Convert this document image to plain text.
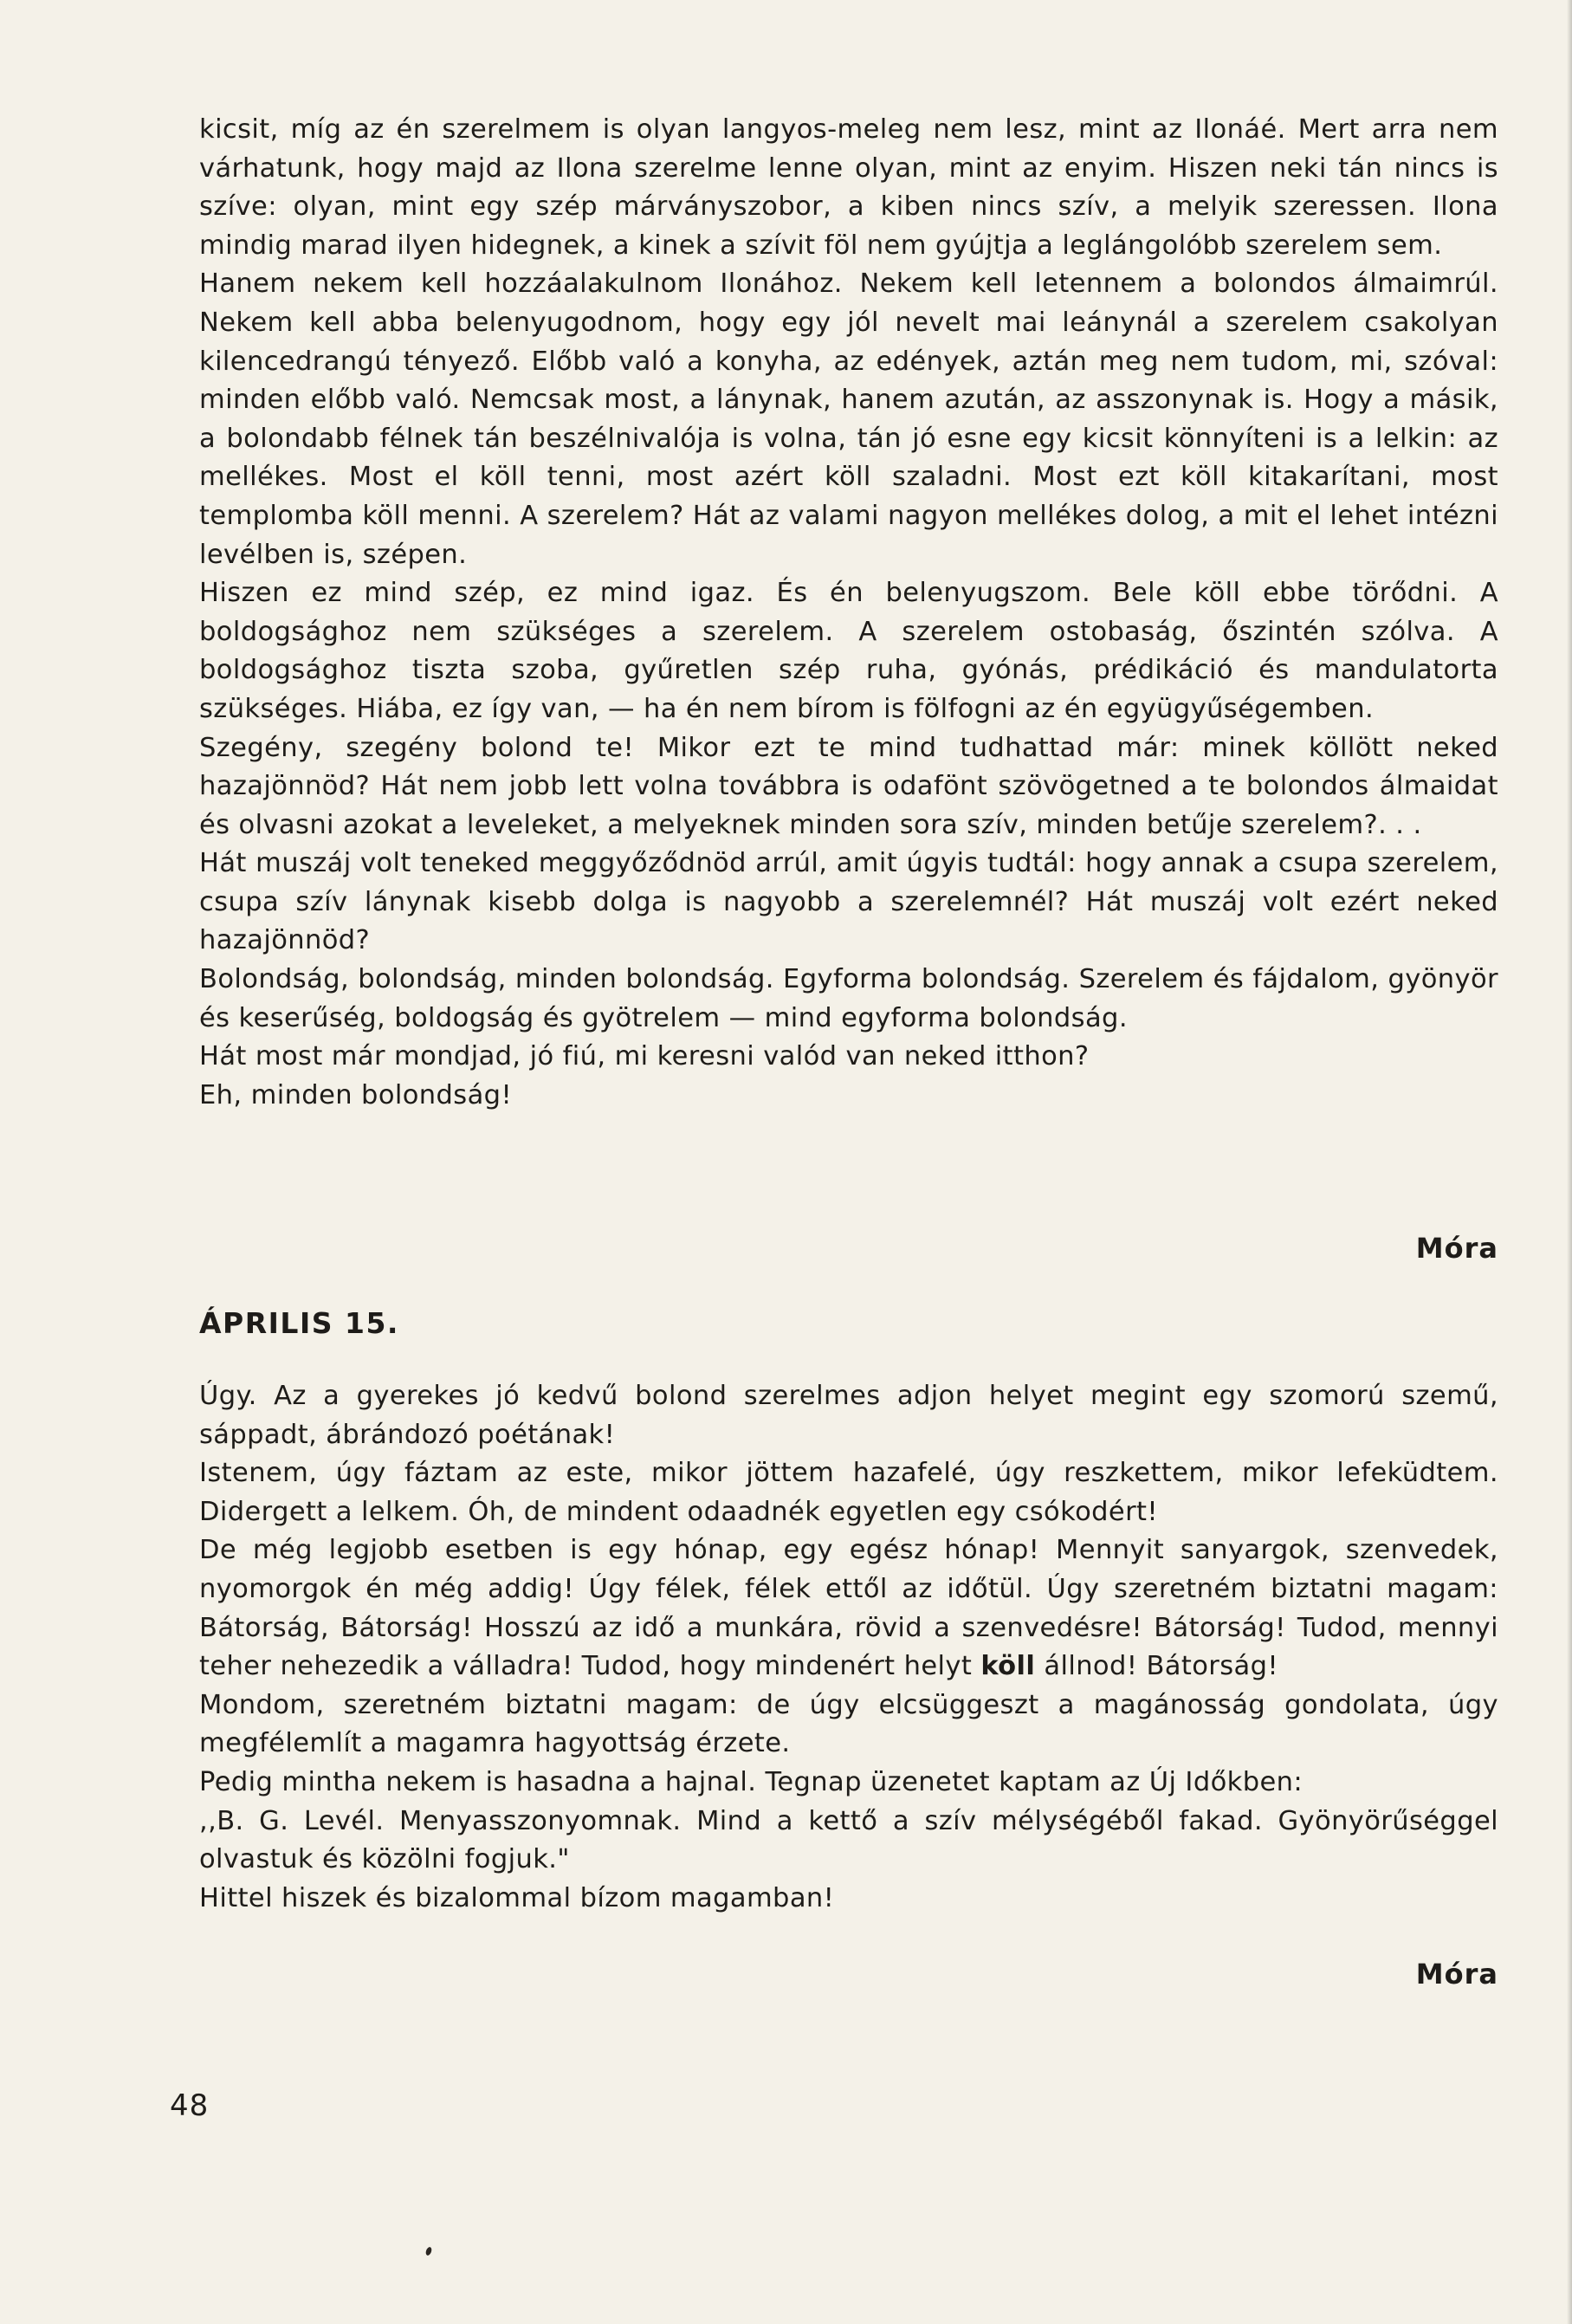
kicsit, míg az én szerelmem is olyan langyos-meleg nem lesz, mint az Ilonáé. Mert arra nem várhatunk, hogy majd az Ilona szerelme lenne olyan, mint az enyim. Hiszen neki tán nincs is szíve: olyan, mint egy szép márványszobor, a kiben nincs szív, a melyik szeressen. Ilona mindig marad ilyen hidegnek, a kinek a szívit föl nem gyújtja a leglángolóbb szerelem sem.

Hanem nekem kell hozzáalakulnom Ilonához. Nekem kell letennem a bolondos álmaimrúl. Nekem kell abba belenyugodnom, hogy egy jól nevelt mai leánynál a szerelem csakolyan kilencedrangú tényező. Előbb való a konyha, az edények, aztán meg nem tudom, mi, szóval: minden előbb való. Nemcsak most, a lánynak, hanem azután, az asszonynak is. Hogy a másik, a bolondabb félnek tán beszélnivalója is volna, tán jó esne egy kicsit könnyíteni is a lelkin: az mellékes. Most el köll tenni, most azért köll szaladni. Most ezt köll kitakarítani, most templomba köll menni. A szerelem? Hát az valami nagyon mellékes dolog, a mit el lehet intézni levélben is, szépen.

Hiszen ez mind szép, ez mind igaz. És én belenyugszom. Bele köll ebbe törődni. A boldogsághoz nem szükséges a szerelem. A szerelem ostobaság, őszintén szólva. A boldogsághoz tiszta szoba, gyűretlen szép ruha, gyónás, prédikáció és mandulatorta szükséges. Hiába, ez így van, — ha én nem bírom is fölfogni az én együgyűségemben.

Szegény, szegény bolond te! Mikor ezt te mind tudhattad már: minek köllött neked hazajönnöd? Hát nem jobb lett volna továbbra is odafönt szövögetned a te bolondos álmaidat és olvasni azokat a leveleket, a melyeknek minden sora szív, minden betűje szerelem?. . .

Hát muszáj volt teneked meggyőződnöd arrúl, amit úgyis tudtál: hogy annak a csupa szerelem, csupa szív lánynak kisebb dolga is nagyobb a szerelemnél? Hát muszáj volt ezért neked hazajönnöd?

Bolondság, bolondság, minden bolondság. Egyforma bolondság. Szerelem és fájdalom, gyönyör és keserűség, boldogság és gyötrelem — mind egyforma bolondság.

Hát most már mondjad, jó fiú, mi keresni valód van neked itthon?

Eh, minden bolondság!

Móra
ÁPRILIS 15.

Úgy. Az a gyerekes jó kedvű bolond szerelmes adjon helyet megint egy szomorú szemű, sáppadt, ábrándozó poétának!

Istenem, úgy fáztam az este, mikor jöttem hazafelé, úgy reszkettem, mikor lefeküdtem. Didergett a lelkem. Óh, de mindent odaadnék egyetlen egy csókodért!

De még legjobb esetben is egy hónap, egy egész hónap! Mennyit sanyargok, szenvedek, nyomorgok én még addig! Úgy félek, félek ettől az időtül. Úgy szeretném biztatni magam: Bátorság, Bátorság! Hosszú az idő a munkára, rövid a szenvedésre! Bátorság! Tudod, mennyi teher nehezedik a válladra! Tudod, hogy mindenért helyt köll állnod! Bátorság!

Mondom, szeretném biztatni magam: de úgy elcsüggeszt a magánosság gondolata, úgy megfélemlít a magamra hagyottság érzete.

Pedig mintha nekem is hasadna a hajnal. Tegnap üzenetet kaptam az Új Időkben:

,,B. G. Levél. Menyasszonyomnak. Mind a kettő a szív mélységéből fakad. Gyönyörűséggel olvastuk és közölni fogjuk."

Hittel hiszek és bizalommal bízom magamban!

Móra
48
